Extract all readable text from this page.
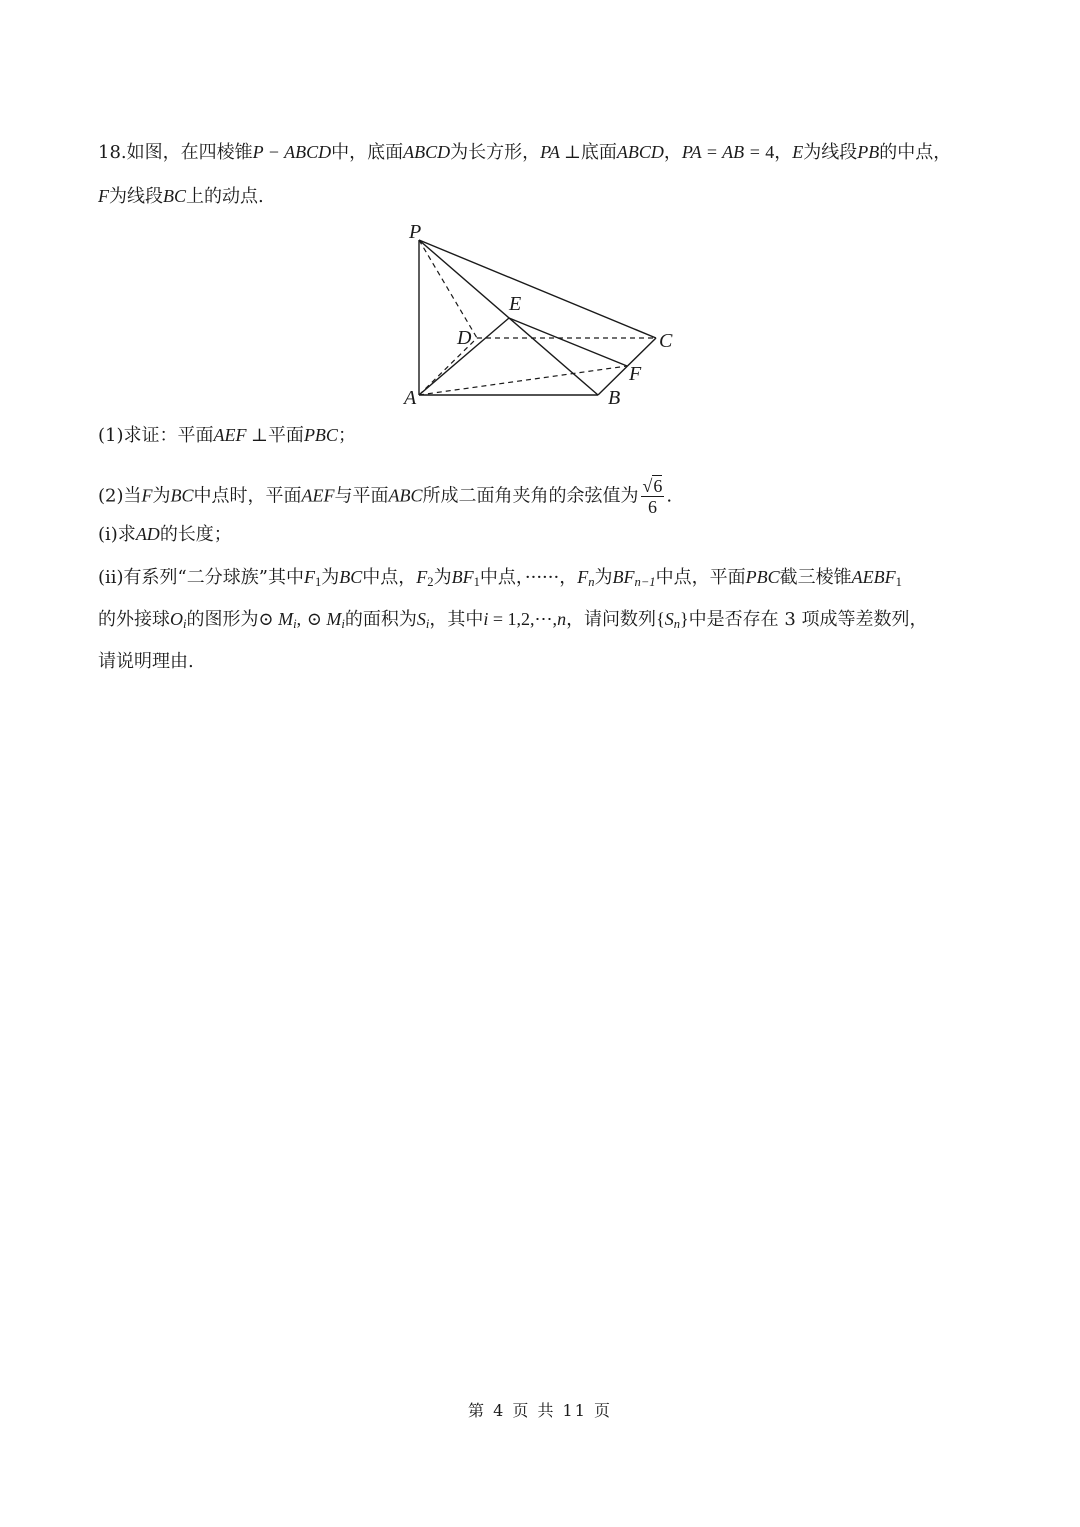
18.如图，在四棱锥P − ABCD中，底面ABCD为长方形，PA ⊥底面ABCD，PA = AB = 4，E为线段PB的中点，
F为线段BC上的动点.
P
E
D	C
F
A	B
(1)求证：平面AEF ⊥平面PBC；
(2)当F为BC中点时，平面AEF与平面ABC所成二面角夹角的余弦值为 $\frac{√6}{6}$ .
(i)求AD的长度；
(ii)有系列“二分球族”其中$F_1$为BC中点，$F_2$为$BF_1$中点，······，$F_n$为$BF_{n-1}$中点，平面PBC截三棱锥$AEBF_1$
的外接球$O_i$的图形为⊙ $M_i$, ⊙ $M_i$的面积为$S_i$，其中i = 1,2,⋯,n，请问数列$\{S_n\}$中是否存在 3 项成等差数列，
请说明理由.
第 4 页 共 11 页
